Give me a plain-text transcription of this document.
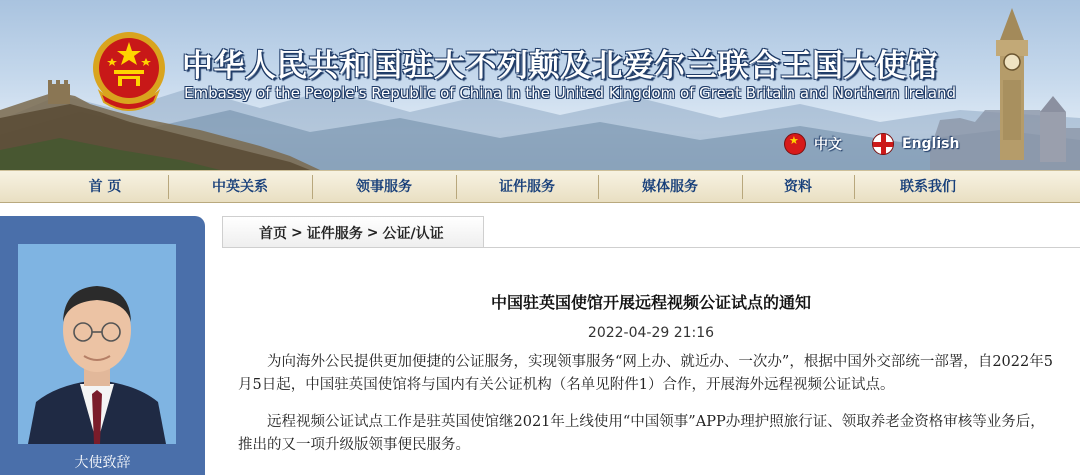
中华人民共和国驻大不列颠及北爱尔兰联合王国大使馆
Embassy of the People's Republic of China in the United Kingdom of Great Britain and Northern Ireland
★
中文	English
首 页	中英关系	领事服务	证件服务	媒体服务	资料	联系我们
大使致辞
首页 > 证件服务 > 公证/认证
中国驻英国使馆开展远程视频公证试点的通知
2022-04-29 21:16

为向海外公民提供更加便捷的公证服务，实现领事服务“网上办、就近办、一次办”，根据中国外交部统一部署，自2022年5月5日起，中国驻英国使馆将与国内有关公证机构（名单见附件1）合作，开展海外远程视频公证试点。

远程视频公证试点工作是驻英国使馆继2021年上线使用“中国领事”APP办理护照旅行证、领取养老金资格审核等业务后，推出的又一项升级版领事便民服务。
